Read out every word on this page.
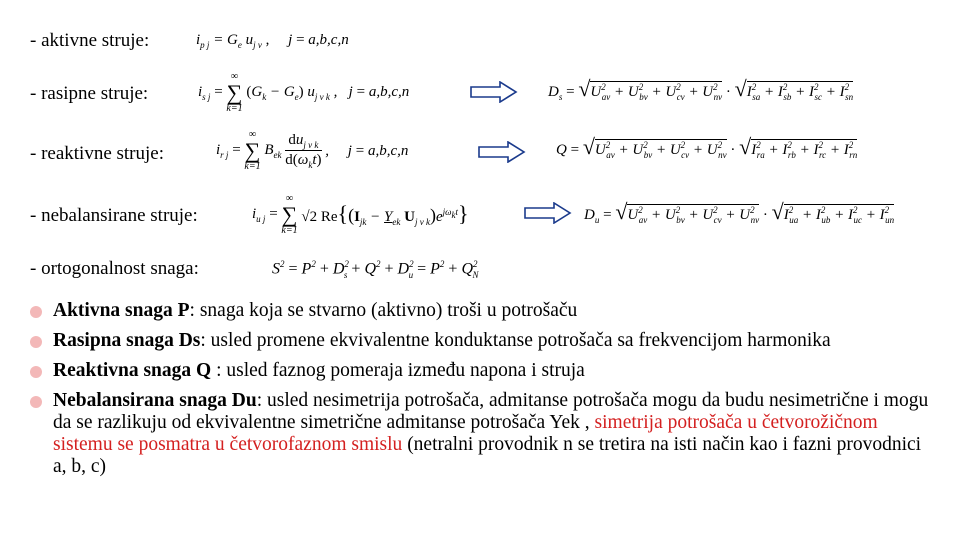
- aktivne struje:
- rasipne struje:
- reaktivne struje:
- nebalansirane struje:
- ortogonalnost snaga:
$i_{p j} = G_e$ $u_{j v}$ ,     j = a,b,c,n
$i_{s j}$ = ∞
∑
k=1 $(G_k - G_e)$ $u_{j v k}$ ,   j = a,b,c,n
$i_{r j}$ = ∞
∑
k=1 $B_{ek}$
$du_{j v k}$
$d(\omega_kt)$
,     j = a,b,c,n
$i_{u j}$ = ∞
∑
k=1 √2 $Re\{(I_{jk} - Y_{ek}$ $U_{j v k})e^{j\omega_kt}$}
$S^2 = P^2 + D^2_s + Q^2 + D^2_u = P^2 + Q^2_N$
$D_s = √U^2_{av} + U^2_{bv} + U^2_{cv} + U^2_{nv} \cdot √I^2_{sa} + I^2_{sb} + I^2_{sc} + I^2_{sn}$
$Q = √U^2_{av} + U^2_{bv} + U^2_{cv} + U^2_{nv} \cdot √I^2_{ra} + I^2_{rb} + I^2_{rc} + I^2_{rn}$
$D_u = √U^2_{av} + U^2_{bv} + U^2_{cv} + U^2_{nv} \cdot √I^2_{ua} + I^2_{ub} + I^2_{uc} + I^2_{un}$
Aktivna snaga P: snaga koja se stvarno (aktivno) troši u potrošaču
Rasipna snaga Ds: usled promene ekvivalentne konduktanse potrošača sa frekvencijom harmonika
Reaktivna snaga Q : usled faznog pomeraja između napona i struja
Nebalansirana snaga Du: usled nesimetrija potrošača, admitanse potrošača mogu da budu nesimetrične i mogu da se razlikuju od ekvivalentne simetrične admitanse potrošača Yek , simetrija potrošača u četvorožičnom sistemu se posmatra u četvorofaznom smislu (netralni provodnik n se tretira na isti način kao i fazni provodnici a, b, c)
